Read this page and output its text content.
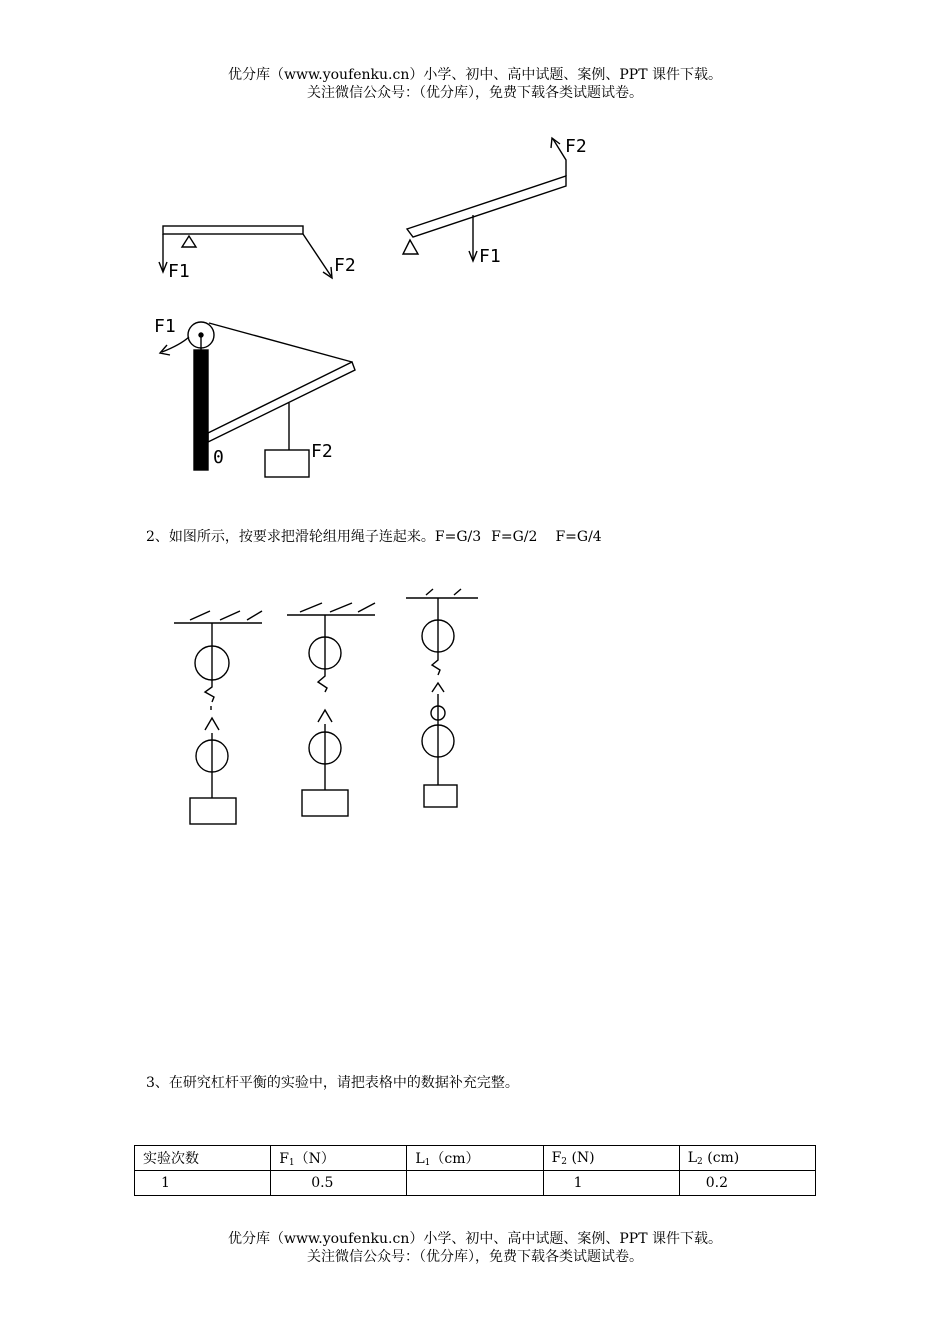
优分库（www.youfenku.cn）小学、初中、高中试题、案例、PPT 课件下载。
关注微信公众号：（优分库），免费下载各类试题试卷。
F1	F2
F2
F1
F1
0	F2
2、如图所示，按要求把滑轮组用绳子连起来。F=G/3 F=G/2 F=G/4
3、在研究杠杆平衡的实验中，请把表格中的数据补充完整。
实验次数	$F_1(N)$	$L_1(cm)$	$F_2$ (N)	$L_2$ (cm)
1	0.5		1	0.2
优分库（www.youfenku.cn）小学、初中、高中试题、案例、PPT 课件下载。
关注微信公众号：（优分库），免费下载各类试题试卷。
